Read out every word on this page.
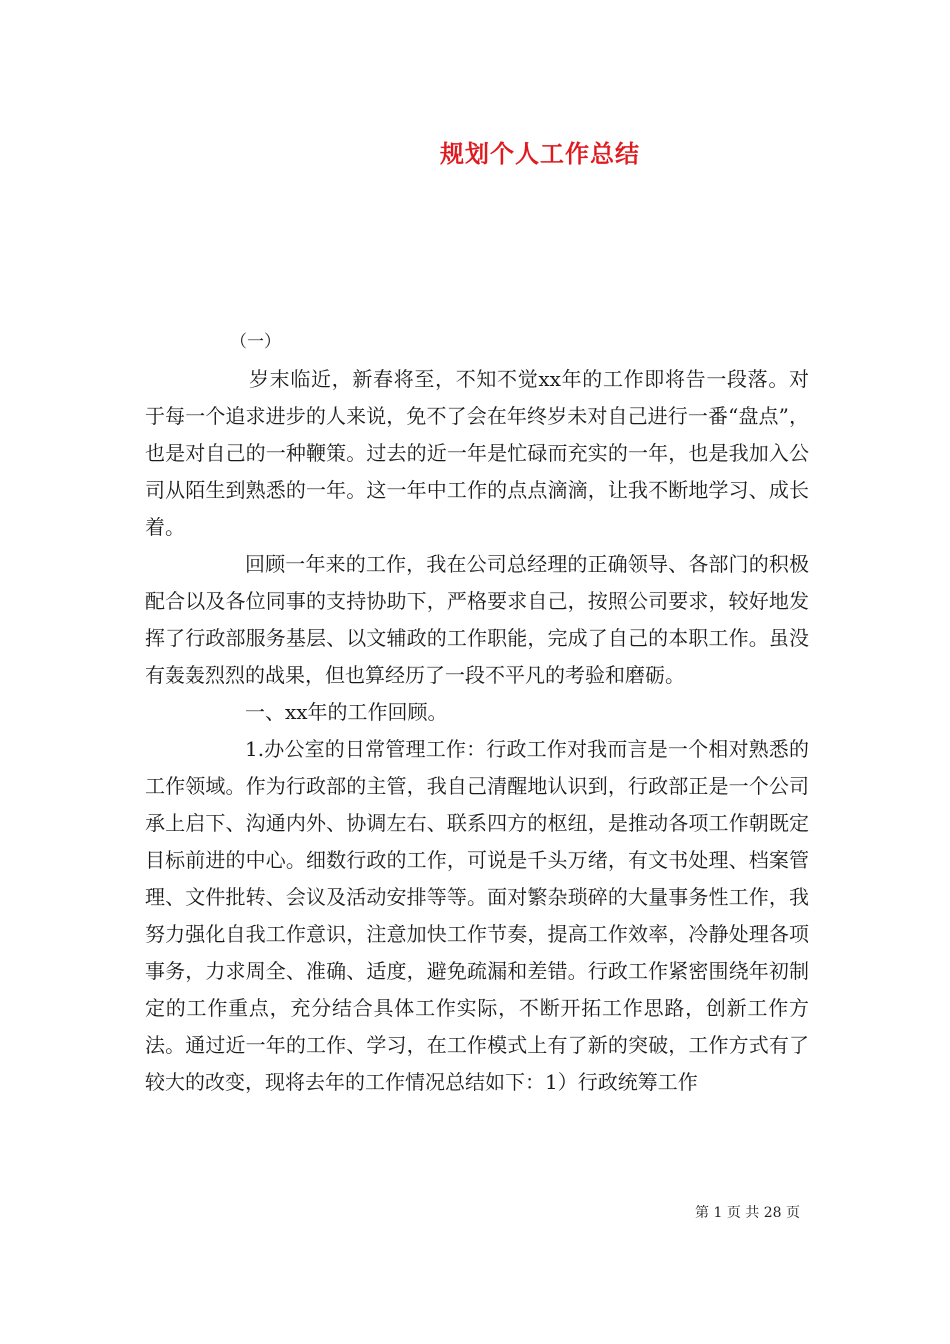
规划个人工作总结

（一）

岁末临近，新春将至，不知不觉xx年的工作即将告一段落。对于每一个追求进步的人来说，免不了会在年终岁未对自己进行一番“盘点”，也是对自己的一种鞭策。过去的近一年是忙碌而充实的一年，也是我加入公司从陌生到熟悉的一年。这一年中工作的点点滴滴，让我不断地学习、成长着。

回顾一年来的工作，我在公司总经理的正确领导、各部门的积极配合以及各位同事的支持协助下，严格要求自己，按照公司要求，较好地发挥了行政部服务基层、以文辅政的工作职能，完成了自己的本职工作。虽没有轰轰烈烈的战果，但也算经历了一段不平凡的考验和磨砺。

一、xx年的工作回顾。

1.办公室的日常管理工作：行政工作对我而言是一个相对熟悉的工作领域。作为行政部的主管，我自己清醒地认识到，行政部正是一个公司承上启下、沟通内外、协调左右、联系四方的枢纽，是推动各项工作朝既定目标前进的中心。细数行政的工作，可说是千头万绪，有文书处理、档案管理、文件批转、会议及活动安排等等。面对繁杂琐碎的大量事务性工作，我努力强化自我工作意识，注意加快工作节奏，提高工作效率，冷静处理各项事务，力求周全、准确、适度，避免疏漏和差错。行政工作紧密围绕年初制定的工作重点，充分结合具体工作实际，不断开拓工作思路，创新工作方法。通过近一年的工作、学习，在工作模式上有了新的突破，工作方式有了较大的改变，现将去年的工作情况总结如下：1）行政统筹工作

第 1 页 共 28 页
